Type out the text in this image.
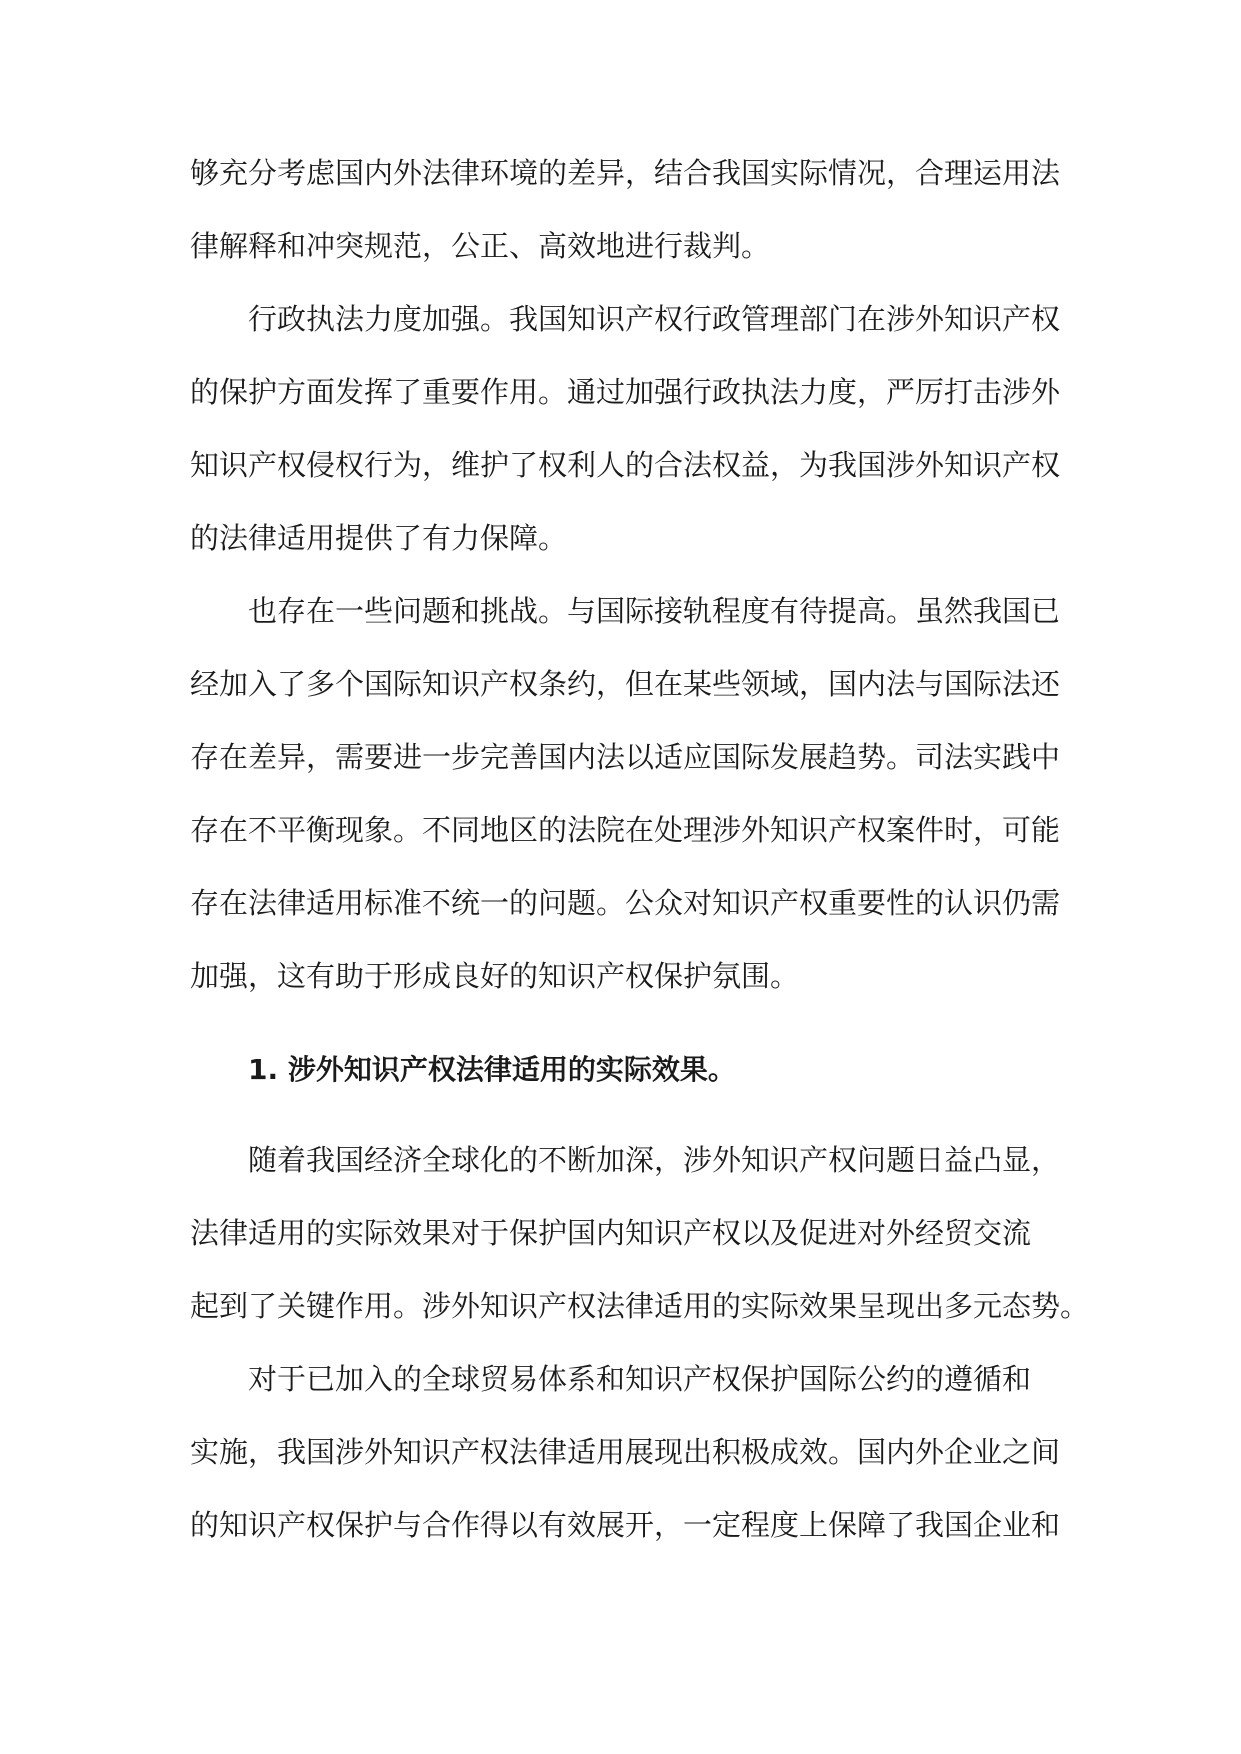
够充分考虑国内外法律环境的差异，结合我国实际情况，合理运用法
律解释和冲突规范，公正、高效地进行裁判。
行政执法力度加强。我国知识产权行政管理部门在涉外知识产权
的保护方面发挥了重要作用。通过加强行政执法力度，严厉打击涉外
知识产权侵权行为，维护了权利人的合法权益，为我国涉外知识产权
的法律适用提供了有力保障。
也存在一些问题和挑战。与国际接轨程度有待提高。虽然我国已
经加入了多个国际知识产权条约，但在某些领域，国内法与国际法还
存在差异，需要进一步完善国内法以适应国际发展趋势。司法实践中
存在不平衡现象。不同地区的法院在处理涉外知识产权案件时，可能
存在法律适用标准不统一的问题。公众对知识产权重要性的认识仍需
加强，这有助于形成良好的知识产权保护氛围。
1. 涉外知识产权法律适用的实际效果。
随着我国经济全球化的不断加深，涉外知识产权问题日益凸显，
法律适用的实际效果对于保护国内知识产权以及促进对外经贸交流
起到了关键作用。涉外知识产权法律适用的实际效果呈现出多元态势。
对于已加入的全球贸易体系和知识产权保护国际公约的遵循和
实施，我国涉外知识产权法律适用展现出积极成效。国内外企业之间
的知识产权保护与合作得以有效展开，一定程度上保障了我国企业和
